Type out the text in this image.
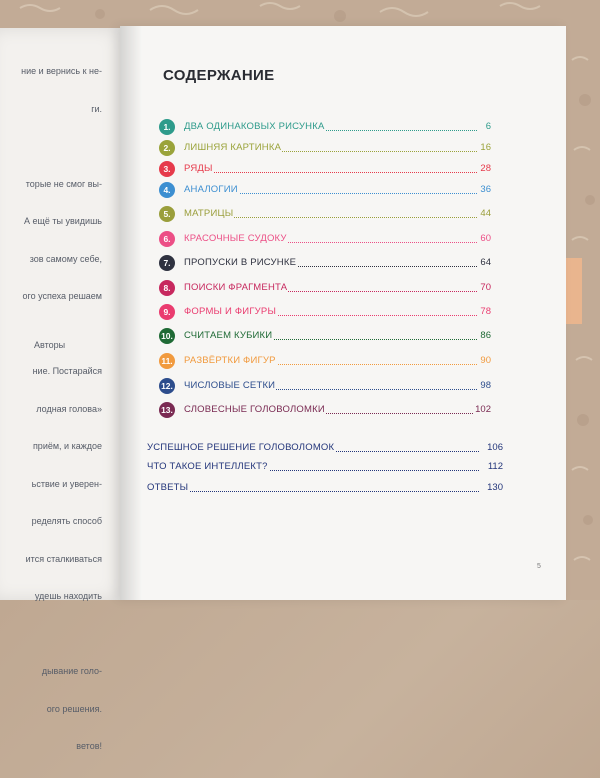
ние и вернись к не-

ги.

торые не смог вы-

А ещё ты увидишь

зов самому себе,

ого успеха решаем

ние. Постарайся

лодная голова»

приём, и каждое

ьствие и уверен-

ределять способ

ится сталкиваться

удешь находить

дывание голо-

ого решения.

ветов!

Авторы
СОДЕРЖАНИЕ
1.	ДВА ОДИНАКОВЫХ РИСУНКА	6
2.	ЛИШНЯЯ КАРТИНКА	16
3.	РЯДЫ	28
4.	АНАЛОГИИ	36
5.	МАТРИЦЫ	44
6.	КРАСОЧНЫЕ СУДОКУ	60
7.	ПРОПУСКИ В РИСУНКЕ	64
8.	ПОИСКИ ФРАГМЕНТА	70
9.	ФОРМЫ И ФИГУРЫ	78
10. СЧИТАЕМ КУБИКИ	86
11. РАЗВЁРТКИ ФИГУР	90
12. ЧИСЛОВЫЕ СЕТКИ	98
13. СЛОВЕСНЫЕ ГОЛОВОЛОМКИ	102
УСПЕШНОЕ РЕШЕНИЕ ГОЛОВОЛОМОК	106
ЧТО ТАКОЕ ИНТЕЛЛЕКТ?	112
ОТВЕТЫ	130
5
